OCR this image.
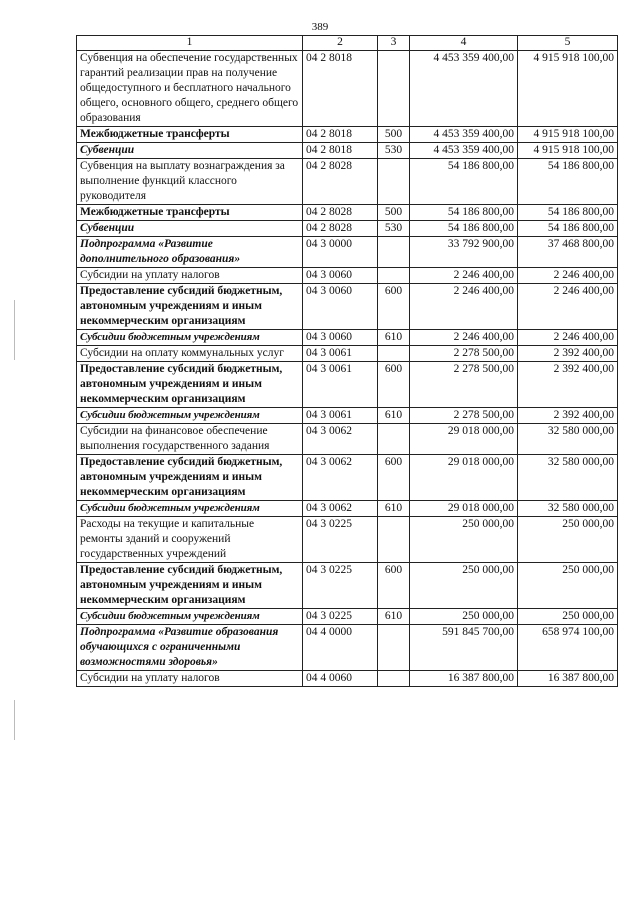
389
1	2	3	4	5
Субвенция на обеспечение государственных гарантий реализации прав на получение общедоступного и бесплатного начального общего, основного общего, среднего общего образования	04 2 8018		4 453 359 400,00	4 915 918 100,00
Межбюджетные трансферты	04 2 8018	500	4 453 359 400,00	4 915 918 100,00
Субвенции	04 2 8018	530	4 453 359 400,00	4 915 918 100,00
Субвенция на выплату вознаграждения за выполнение функций классного руководителя	04 2 8028		54 186 800,00	54 186 800,00
Межбюджетные трансферты	04 2 8028	500	54 186 800,00	54 186 800,00
Субвенции	04 2 8028	530	54 186 800,00	54 186 800,00
Подпрограмма «Развитие дополнительного образования»	04 3 0000		33 792 900,00	37 468 800,00
Субсидии на уплату налогов	04 3 0060		2 246 400,00	2 246 400,00
Предоставление субсидий бюджетным, автономным учреждениям и иным некоммерческим организациям	04 3 0060	600	2 246 400,00	2 246 400,00
Субсидии бюджетным учреждениям	04 3 0060	610	2 246 400,00	2 246 400,00
Субсидии на оплату коммунальных услуг	04 3 0061		2 278 500,00	2 392 400,00
Предоставление субсидий бюджетным, автономным учреждениям и иным некоммерческим организациям	04 3 0061	600	2 278 500,00	2 392 400,00
Субсидии бюджетным учреждениям	04 3 0061	610	2 278 500,00	2 392 400,00
Субсидии на финансовое обеспечение выполнения государственного задания	04 3 0062		29 018 000,00	32 580 000,00
Предоставление субсидий бюджетным, автономным учреждениям и иным некоммерческим организациям	04 3 0062	600	29 018 000,00	32 580 000,00
Субсидии бюджетным учреждениям	04 3 0062	610	29 018 000,00	32 580 000,00
Расходы на текущие и капитальные ремонты зданий и сооружений государственных учреждений	04 3 0225		250 000,00	250 000,00
Предоставление субсидий бюджетным, автономным учреждениям и иным некоммерческим организациям	04 3 0225	600	250 000,00	250 000,00
Субсидии бюджетным учреждениям	04 3 0225	610	250 000,00	250 000,00
Подпрограмма «Развитие образования обучающихся с ограниченными возможностями здоровья»	04 4 0000		591 845 700,00	658 974 100,00
Субсидии на уплату налогов	04 4 0060		16 387 800,00	16 387 800,00
